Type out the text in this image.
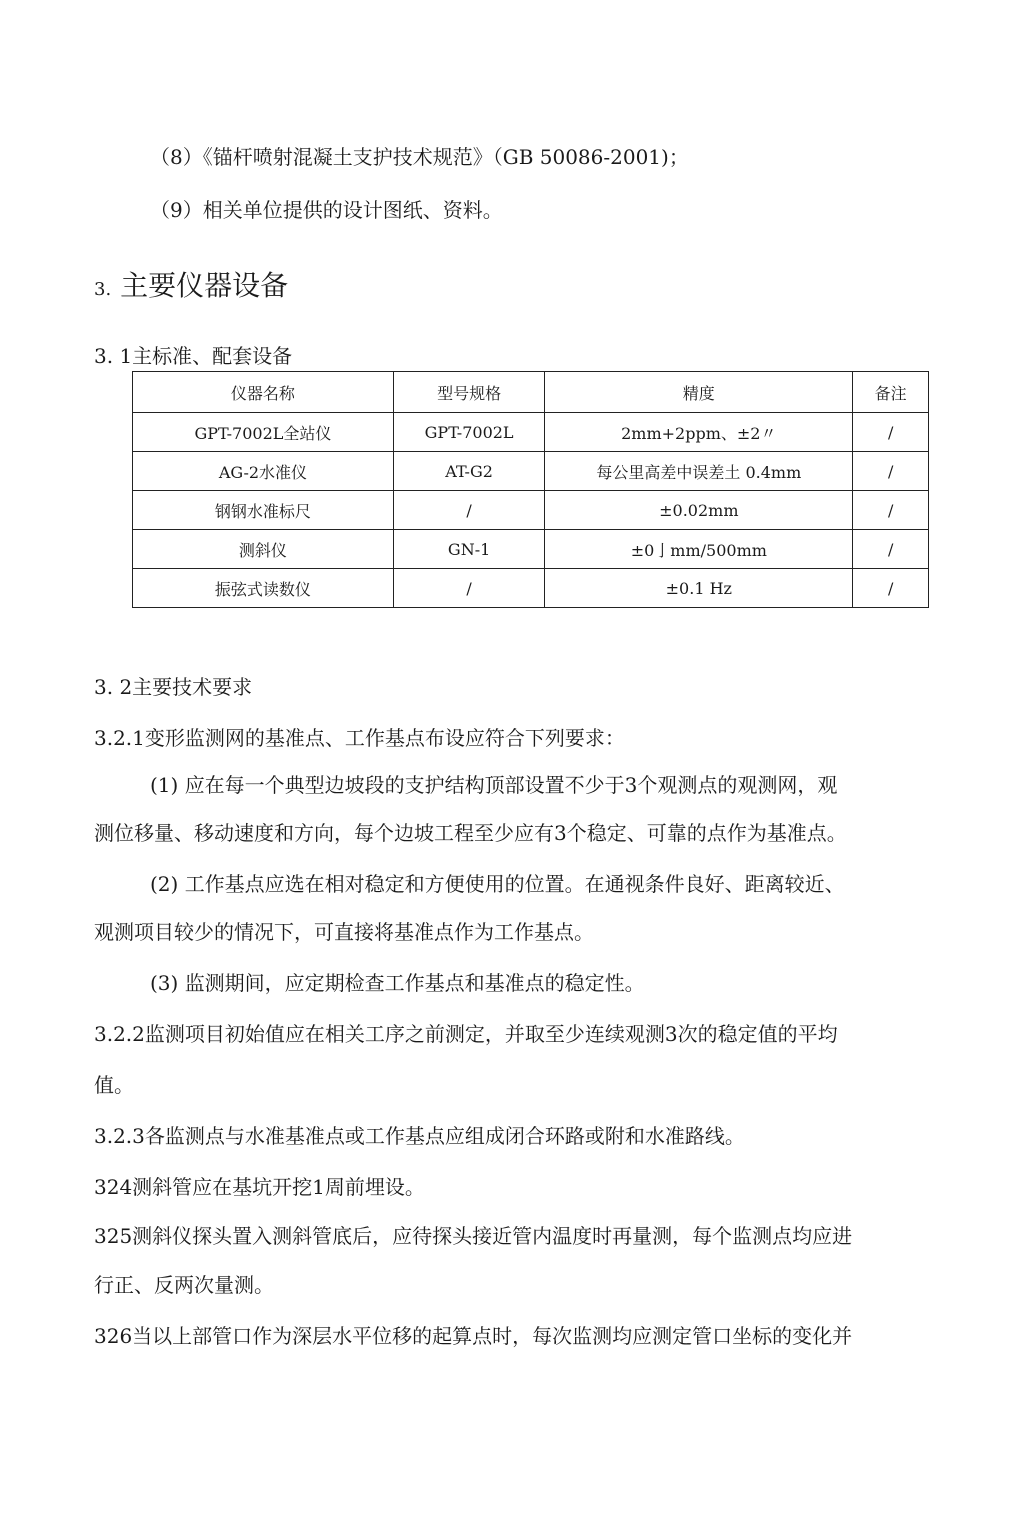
（8）《锚杆喷射混凝土支护技术规范》（GB 50086-2001)；
（9）相关单位提供的设计图纸、资料。
3. 主要仪器设备
3. 1主标准、配套设备
仪器名称	型号规格	精度	备注
GPT-7002L全站仪	GPT-7002L	2mm+2ppm、±2〃	/
AG-2水准仪	AT-G2	每公里高差中误差土 0.4mm	/
钢钢水准标尺	/	±0.02mm	/
测斜仪	GN-1	±0亅mm/500mm	/
振弦式读数仪	/	±0.1 Hz	/
3. 2主要技术要求
3.2.1变形监测网的基准点、工作基点布设应符合下列要求：
(1) 应在每一个典型边坡段的支护结构顶部设置不少于3个观测点的观测网，观
测位移量、移动速度和方向，每个边坡工程至少应有3个稳定、可靠的点作为基准点。
(2) 工作基点应选在相对稳定和方便使用的位置。在通视条件良好、距离较近、
观测项目较少的情况下，可直接将基准点作为工作基点。
(3) 监测期间，应定期检查工作基点和基准点的稳定性。
3.2.2监测项目初始值应在相关工序之前测定，并取至少连续观测3次的稳定值的平均
值。
3.2.3各监测点与水准基准点或工作基点应组成闭合环路或附和水准路线。
324测斜管应在基坑开挖1周前埋设。
325测斜仪探头置入测斜管底后，应待探头接近管内温度时再量测，每个监测点均应进
行正、反两次量测。
326当以上部管口作为深层水平位移的起算点时，每次监测均应测定管口坐标的变化并
